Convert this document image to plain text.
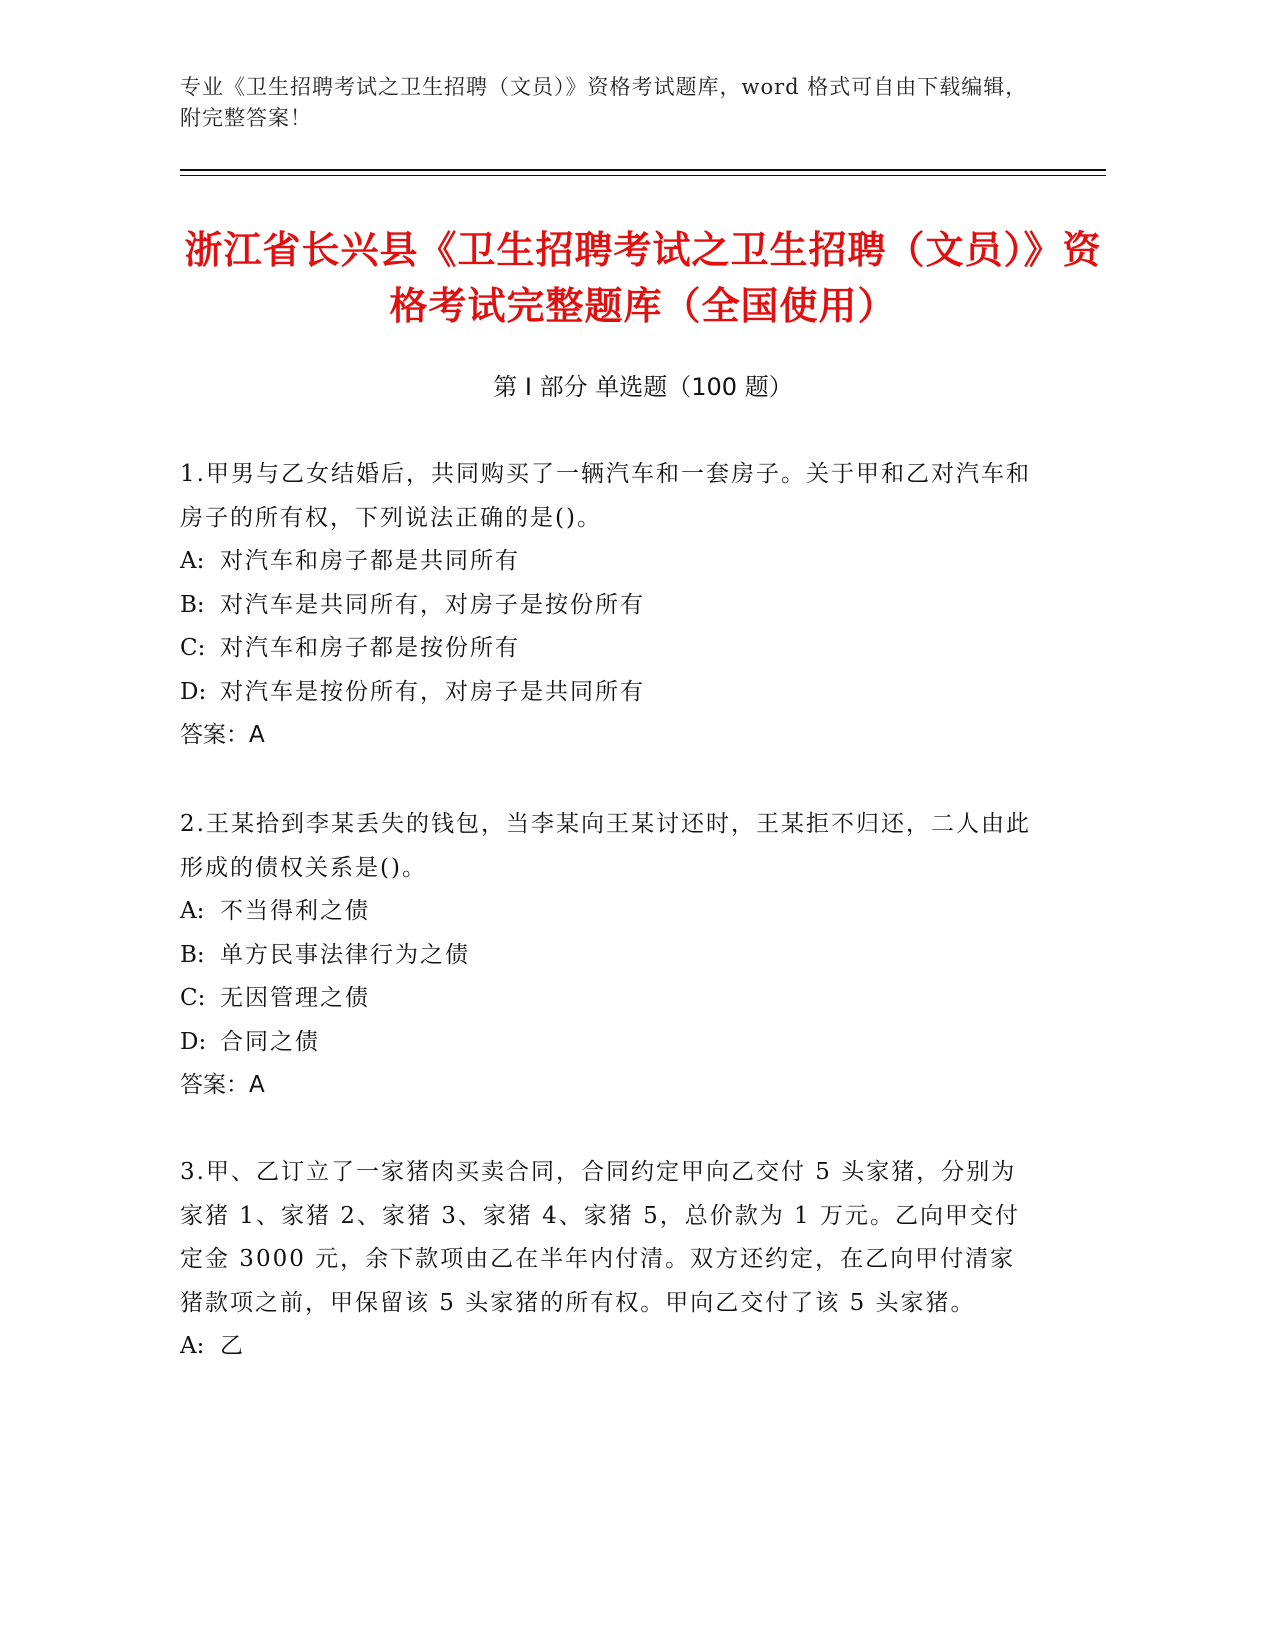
专业《卫生招聘考试之卫生招聘（文员）》资格考试题库，word 格式可自由下载编辑，附完整答案！
浙江省长兴县《卫生招聘考试之卫生招聘（文员）》资格考试完整题库（全国使用）
第 I 部分 单选题（100 题）

1.甲男与乙女结婚后，共同购买了一辆汽车和一套房子。关于甲和乙对汽车和房子的所有权，下列说法正确的是()。

A: 对汽车和房子都是共同所有

B: 对汽车是共同所有，对房子是按份所有

C: 对汽车和房子都是按份所有

D: 对汽车是按份所有，对房子是共同所有

答案：A

2.王某拾到李某丢失的钱包，当李某向王某讨还时，王某拒不归还，二人由此形成的债权关系是()。

A: 不当得利之债

B: 单方民事法律行为之债

C: 无因管理之债

D: 合同之债

答案：A

3.甲、乙订立了一家猪肉买卖合同，合同约定甲向乙交付 5 头家猪，分别为家猪 1、家猪 2、家猪 3、家猪 4、家猪 5，总价款为 1 万元。乙向甲交付定金 3000 元，余下款项由乙在半年内付清。双方还约定，在乙向甲付清家猪款项之前，甲保留该 5 头家猪的所有权。甲向乙交付了该 5 头家猪。

A: 乙
